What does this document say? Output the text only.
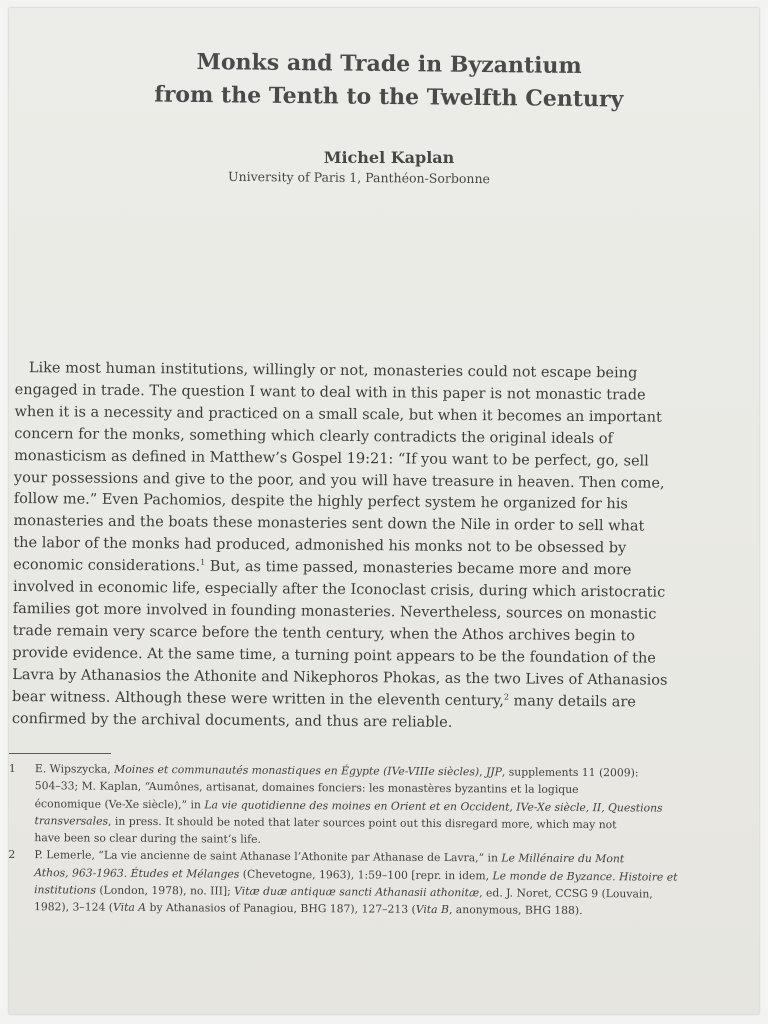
Monks and Trade in Byzantium
from the Tenth to the Twelfth Century

Michel Kaplan

University of Paris 1, Panthéon-Sorbonne

Like most human institutions, willingly or not, monasteries could not escape being
engaged in trade. The question I want to deal with in this paper is not monastic trade
when it is a necessity and practiced on a small scale, but when it becomes an important
concern for the monks, something which clearly contradicts the original ideals of
monasticism as defined in Matthew’s Gospel 19:21: “If you want to be perfect, go, sell
your possessions and give to the poor, and you will have treasure in heaven. Then come,
follow me.” Even Pachomios, despite the highly perfect system he organized for his
monasteries and the boats these monasteries sent down the Nile in order to sell what
the labor of the monks had produced, admonished his monks not to be obsessed by
economic considerations.$^1$ But, as time passed, monasteries became more and more
involved in economic life, especially after the Iconoclast crisis, during which aristocratic
families got more involved in founding monasteries. Nevertheless, sources on monastic
trade remain very scarce before the tenth century, when the Athos archives begin to
provide evidence. At the same time, a turning point appears to be the foundation of the
Lavra by Athanasios the Athonite and Nikephoros Phokas, as the two Lives of Athanasios
bear witness. Although these were written in the eleventh century,$^2$ many details are
confirmed by the archival documents, and thus are reliable.
1	E. Wipszycka, Moines et communautés monastiques en Égypte (IVe-VIIIe siècles), JJP, supplements 11 (2009):
504–33; M. Kaplan, “Aumônes, artisanat, domaines fonciers: les monastères byzantins et la logique
économique (Ve-Xe siècle),” in La vie quotidienne des moines en Orient et en Occident, IVe-Xe siècle, II, Questions
transversales, in press. It should be noted that later sources point out this disregard more, which may not
have been so clear during the saint’s life.
2	P. Lemerle, “La vie ancienne de saint Athanase l’Athonite par Athanase de Lavra,” in Le Millénaire du Mont
Athos, 963-1963. Études et Mélanges (Chevetogne, 1963), 1:59–100 [repr. in idem, Le monde de Byzance. Histoire et
institutions (London, 1978), no. III]; Vitæ duæ antiquæ sancti Athanasii athonitæ, ed. J. Noret, CCSG 9 (Louvain,
1982), 3–124 (Vita A by Athanasios of Panagiou, BHG 187), 127–213 (Vita B, anonymous, BHG 188).
